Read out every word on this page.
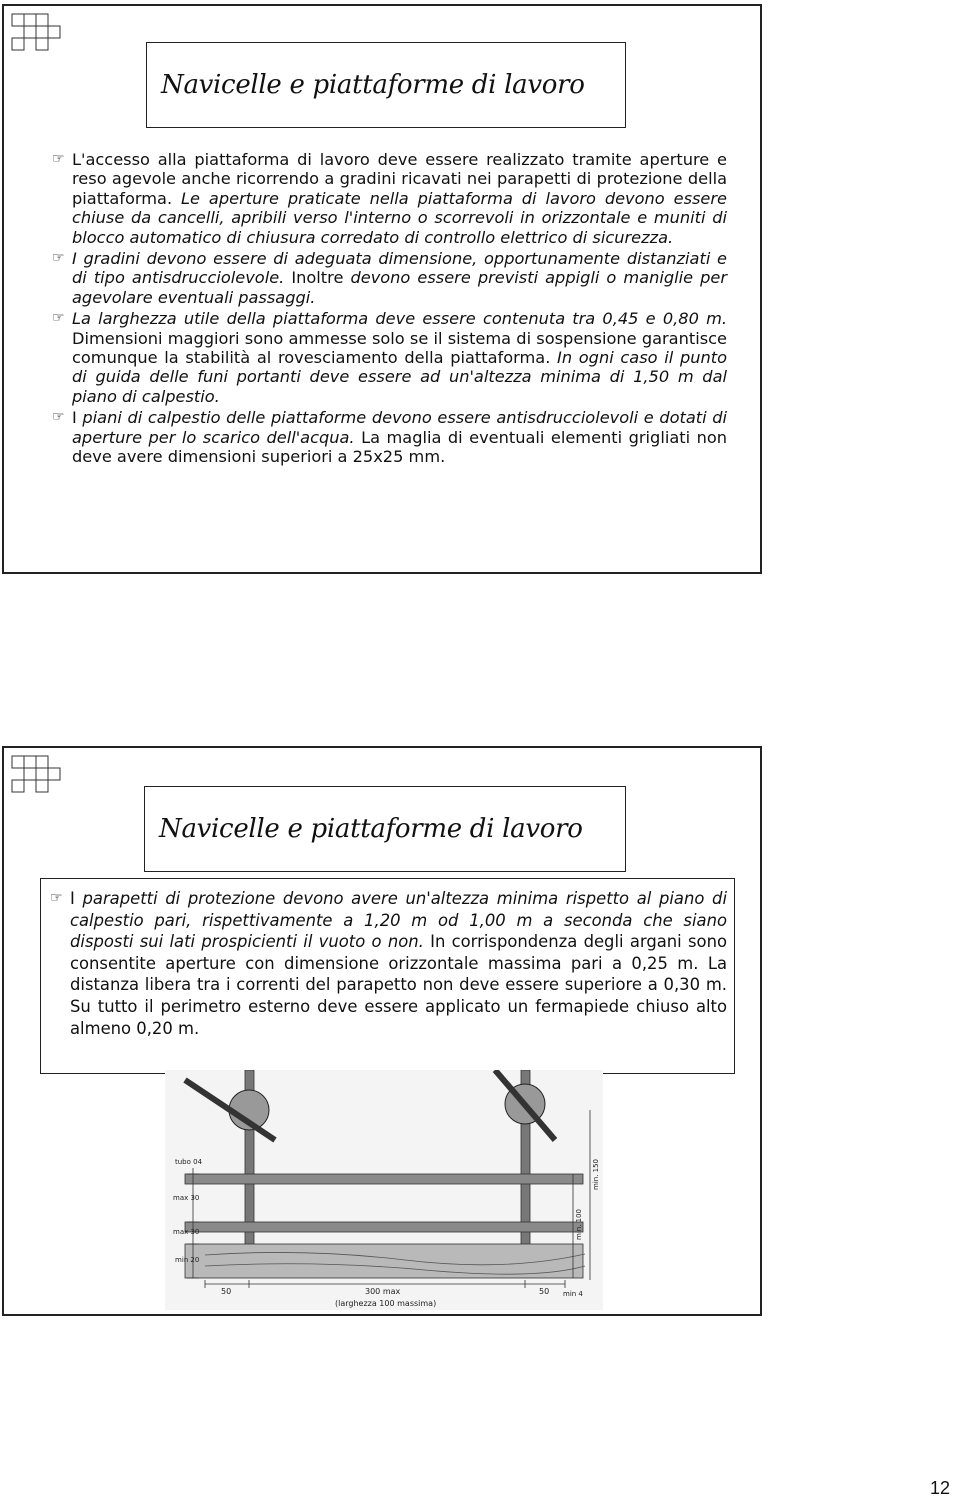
Navicelle e piattaforme di lavoro
☞ L'accesso alla piattaforma di lavoro deve essere realizzato tramite aperture e reso agevole anche ricorrendo a gradini ricavati nei parapetti di protezione della piattaforma. Le aperture praticate nella piattaforma di lavoro devono essere chiuse da cancelli, apribili verso l'interno o scorrevoli in orizzontale e muniti di blocco automatico di chiusura corredato di controllo elettrico di sicurezza.
☞ I gradini devono essere di adeguata dimensione, opportunamente distanziati e di tipo antisdrucciolevole. Inoltre devono essere previsti appigli o maniglie per agevolare eventuali passaggi.
☞ La larghezza utile della piattaforma deve essere contenuta tra 0,45 e 0,80 m. Dimensioni maggiori sono ammesse solo se il sistema di sospensione garantisce comunque la stabilità al rovesciamento della piattaforma. In ogni caso il punto di guida delle funi portanti deve essere ad un'altezza minima di 1,50 m dal piano di calpestio.
☞ I piani di calpestio delle piattaforme devono essere antisdrucciolevoli e dotati di aperture per lo scarico dell'acqua. La maglia di eventuali elementi grigliati non deve avere dimensioni superiori a 25x25 mm.
Navicelle e piattaforme di lavoro
☞ I parapetti di protezione devono avere un'altezza minima rispetto al piano di calpestio pari, rispettivamente a 1,20 m od 1,00 m a seconda che siano disposti sui lati prospicienti il vuoto o non. In corrispondenza degli argani sono consentite aperture con dimensione orizzontale massima pari a 0,25 m. La distanza libera tra i correnti del parapetto non deve essere superiore a 0,30 m. Su tutto il perimetro esterno deve essere applicato un fermapiede chiuso alto almeno 0,20 m.
tubo 04
max 30
max 30
min 20
min. 150
min. 100
min 4
50	300 max	50
(larghezza 100 massima)
12
